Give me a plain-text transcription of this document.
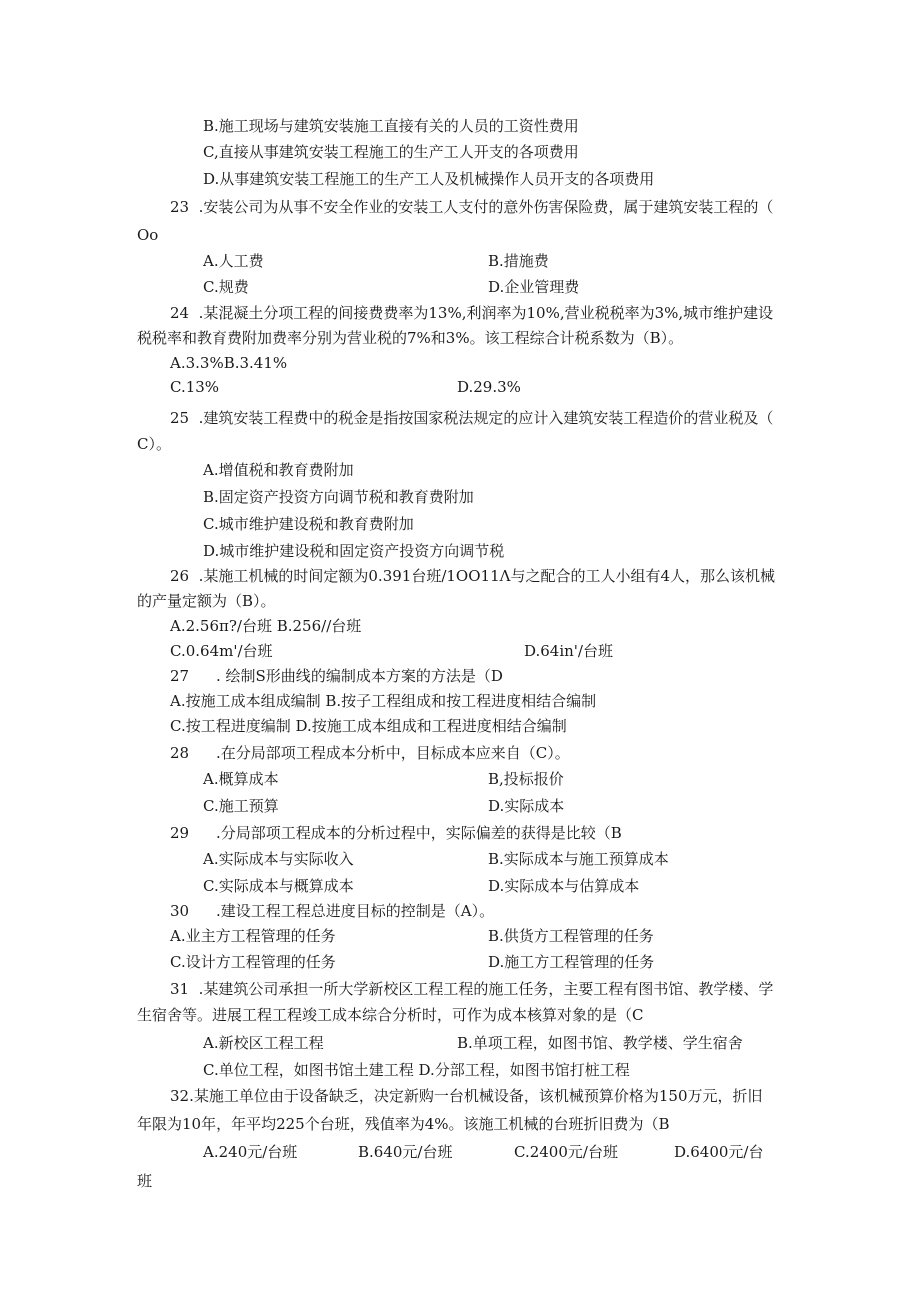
B.施工现场与建筑安装施工直接有关的人员的工资性费用
C,直接从事建筑安装工程施工的生产工人开支的各项费用
D.从事建筑安装工程施工的生产工人及机械操作人员开支的各项费用
23  .安装公司为从事不安全作业的安装工人支付的意外伤害保险费，属于建筑安装工程的（
Oo
A.人工费	B.措施费
C.规费	D.企业管理费
24  .某混凝土分项工程的间接费费率为13%,利润率为10%,营业税税率为3%,城市维护建设
税税率和教育费附加费率分别为营业税的7%和3%。该工程综合计税系数为（B）。
A.3.3%B.3.41%
C.13%	D.29.3%
25  .建筑安装工程费中的税金是指按国家税法规定的应计入建筑安装工程造价的营业税及（
C）。
A.增值税和教育费附加
B.固定资产投资方向调节税和教育费附加
C.城市维护建设税和教育费附加
D.城市维护建设税和固定资产投资方向调节税
26  .某施工机械的时间定额为0.391台班/1OO11Λ与之配合的工人小组有4人，那么该机械
的产量定额为（B）。
A.2.56π?/台班 B.256//台班
C.0.64m'/台班	D.64in'/台班
27 . 绘制S形曲线的编制成本方案的方法是（D
A.按施工成本组成编制 B.按子工程组成和按工程进度相结合编制
C.按工程进度编制 D.按施工成本组成和工程进度相结合编制
28 .在分局部项工程成本分析中，目标成本应来自（C）。
A.概算成本	B,投标报价
C.施工预算	D.实际成本
29 .分局部项工程成本的分析过程中，实际偏差的获得是比较（B
A.实际成本与实际收入	B.实际成本与施工预算成本
C.实际成本与概算成本	D.实际成本与估算成本
30 .建设工程工程总进度目标的控制是（A）。
A.业主方工程管理的任务	B.供货方工程管理的任务
C.设计方工程管理的任务	D.施工方工程管理的任务
31  .某建筑公司承担一所大学新校区工程工程的施工任务，主要工程有图书馆、教学楼、学
生宿舍等。进展工程工程竣工成本综合分析时，可作为成本核算对象的是（C
A.新校区工程工程	B.单项工程，如图书馆、教学楼、学生宿舍
C.单位工程，如图书馆土建工程 D.分部工程，如图书馆打桩工程
32.某施工单位由于设备缺乏，决定新购一台机械设备，该机械预算价格为150万元，折旧
年限为10年，年平均225个台班，残值率为4%。该施工机械的台班折旧费为（B
A.240元/台班	B.640元/台班	C.2400元/台班	D.6400元/台
班
